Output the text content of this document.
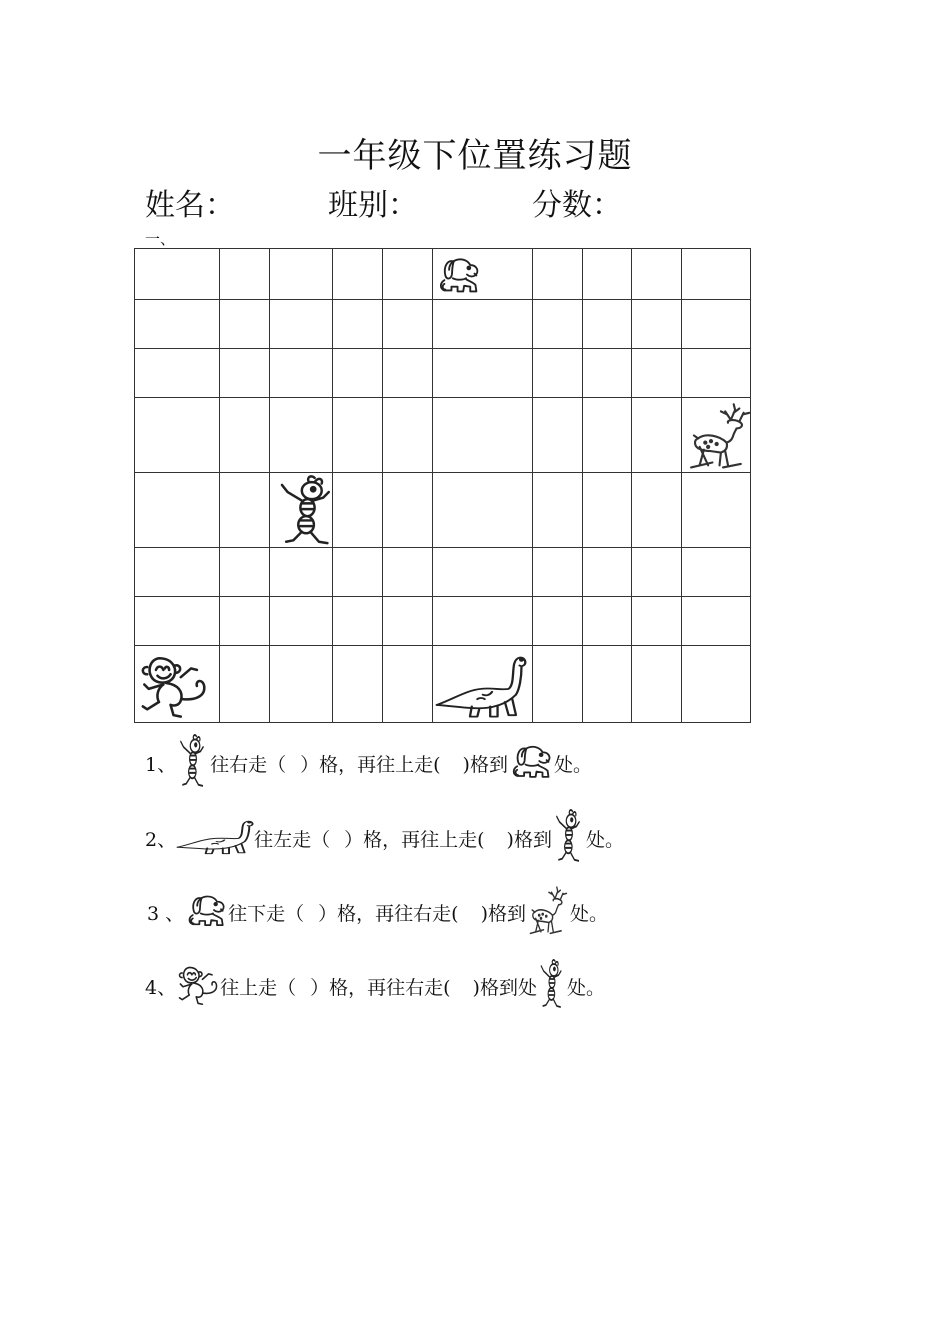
一年级下位置练习题
姓名：	班别：	分数：
一、

1、 往右走（ ）格，再往上走( )格到 处。
2、	往左走（ ）格，再往上走( )格到 处。
3 、 往下走（ ）格，再往右走( )格到 处。
4、 往上走（ ）格，再往右走( )格到处 处。
